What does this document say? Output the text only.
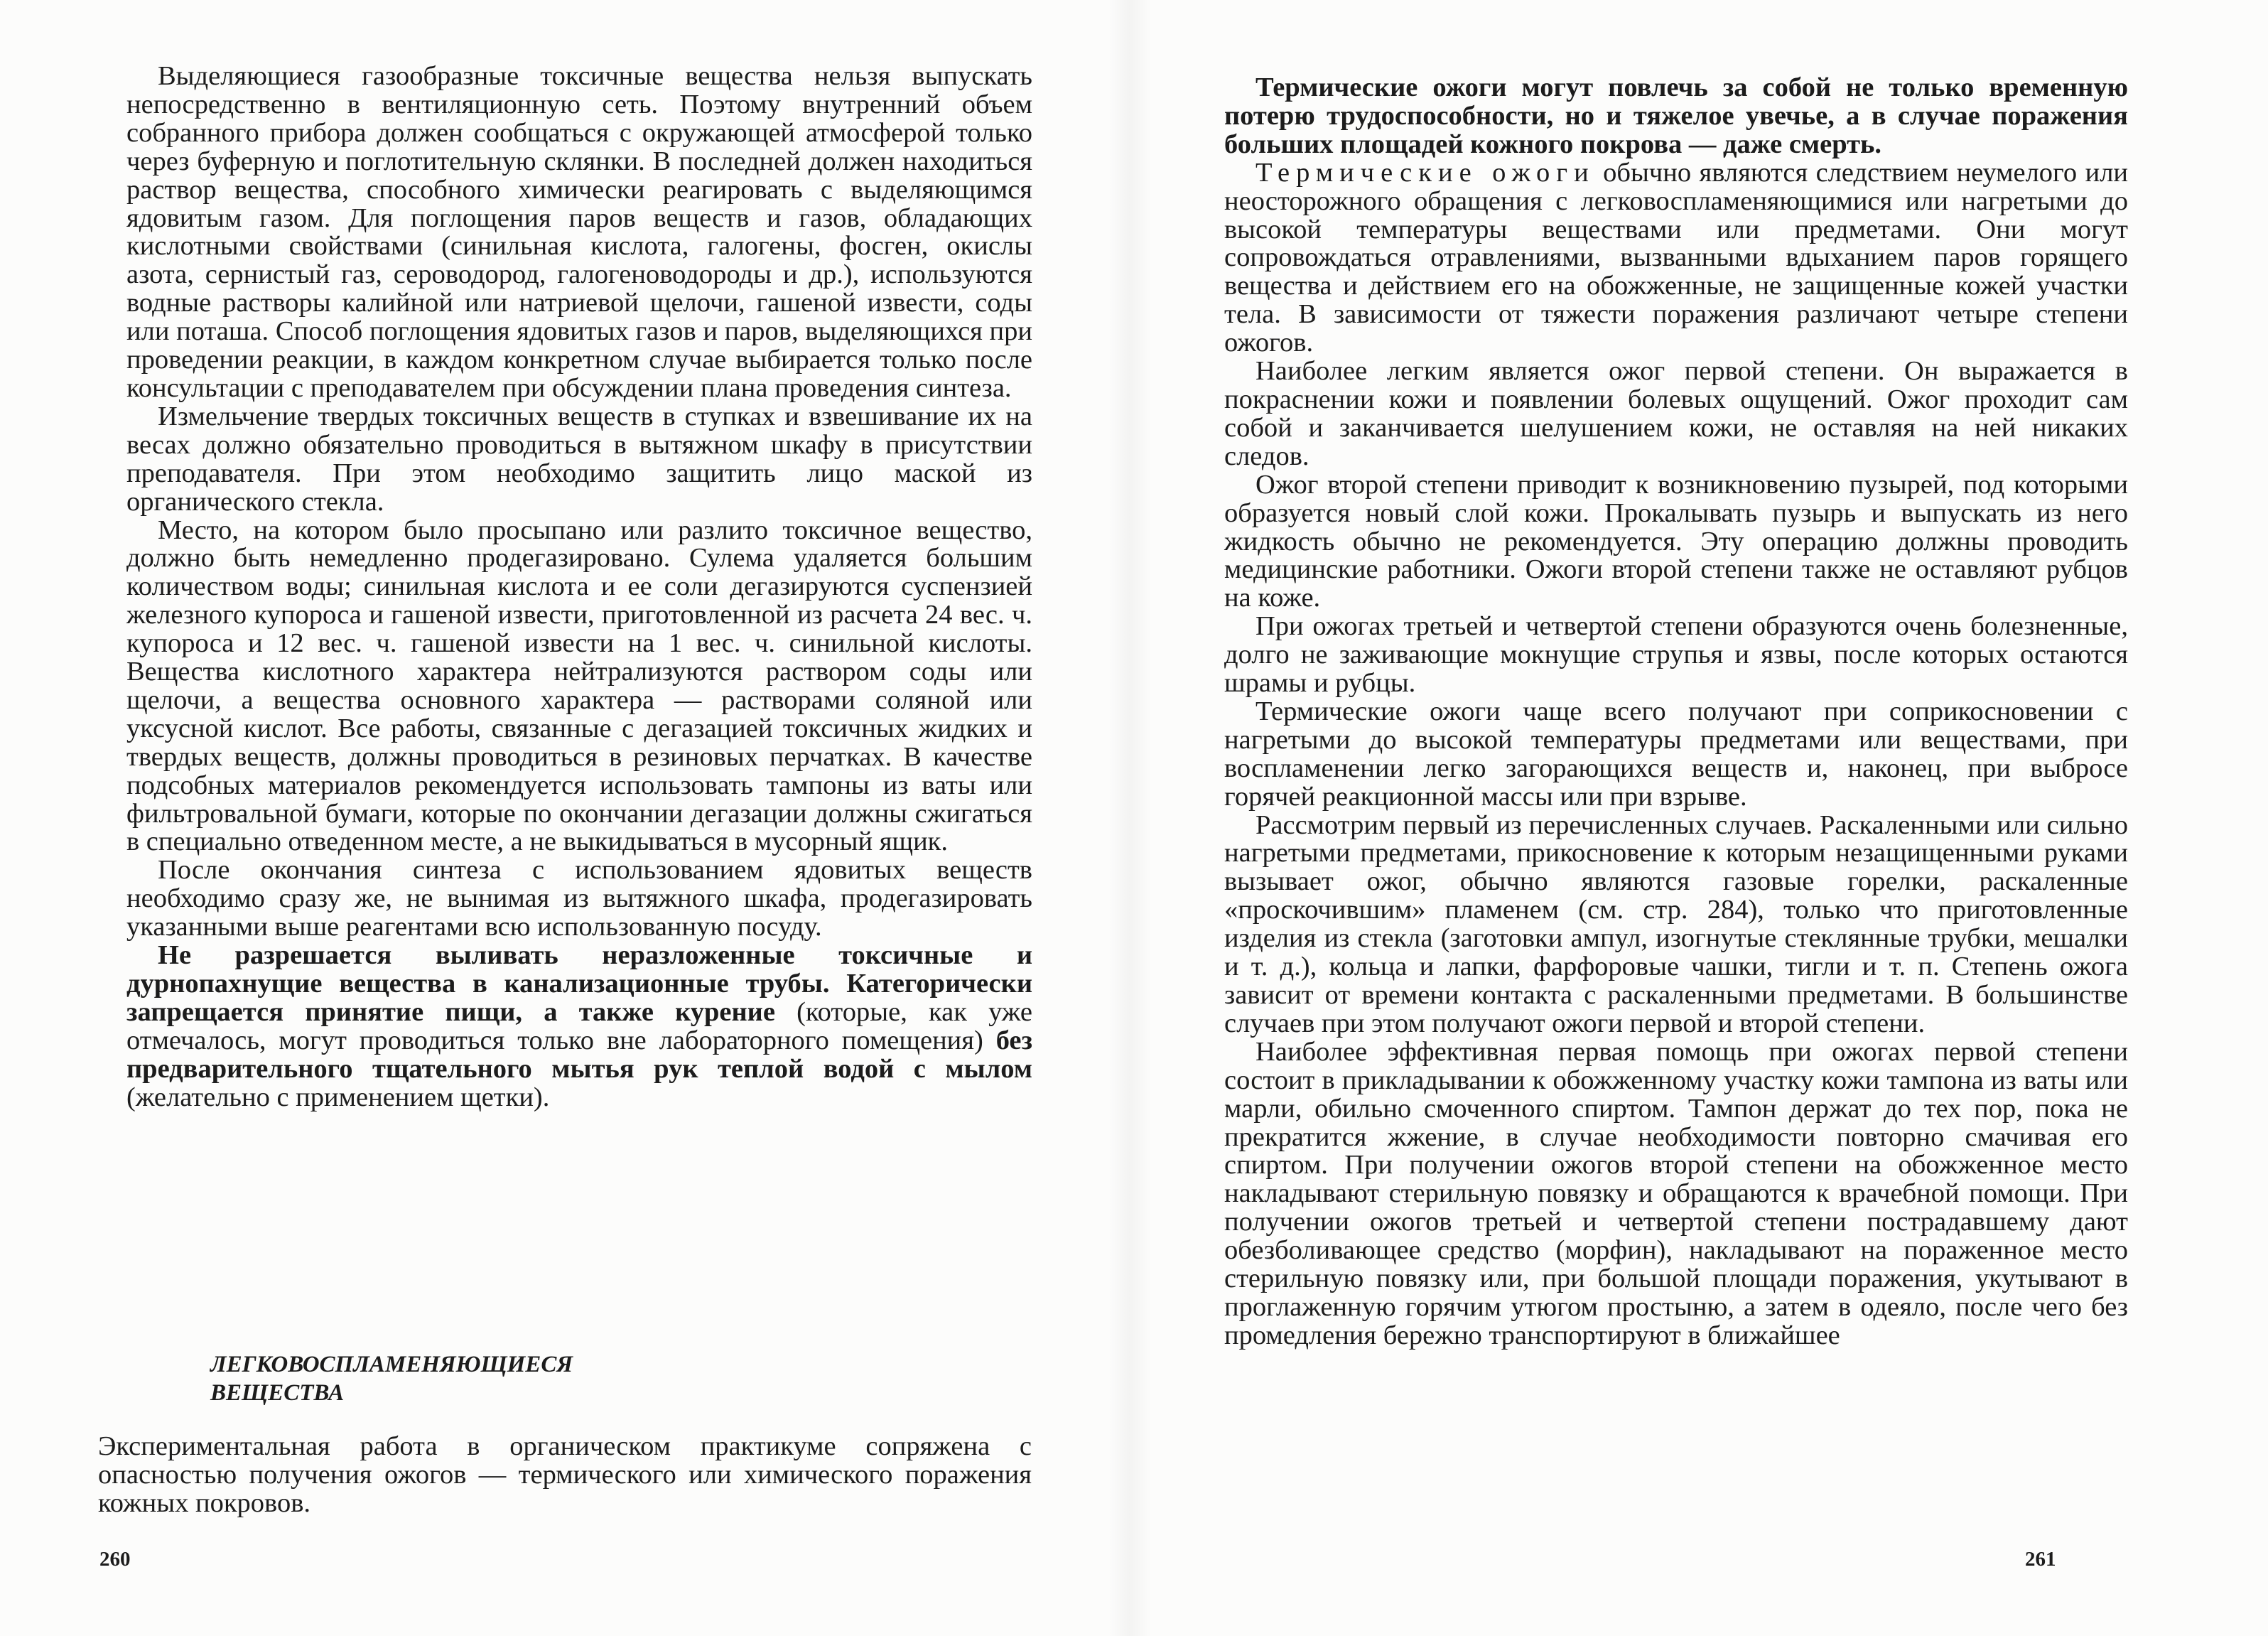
Выделяющиеся газообразные токсичные вещества нельзя выпускать непосредственно в вентиляционную сеть. Поэтому внутренний объем собранного прибора должен сообщаться с окружающей атмосферой только через буферную и поглотительную склянки. В последней должен находиться раствор вещества, способного химически реагировать с выделяющимся ядовитым газом. Для поглощения паров веществ и газов, обладающих кислотными свойствами (синильная кислота, галогены, фосген, окислы азота, сернистый газ, сероводород, галогеноводороды и др.), используются водные растворы калийной или натриевой щелочи, гашеной извести, соды или поташа. Способ поглощения ядовитых газов и паров, выделяющихся при проведении реакции, в каждом конкретном случае выбирается только после консультации с преподавателем при обсуждении плана проведения синтеза.

Измельчение твердых токсичных веществ в ступках и взвешивание их на весах должно обязательно проводиться в вытяжном шкафу в присутствии преподавателя. При этом необходимо защитить лицо маской из органического стекла.

Место, на котором было просыпано или разлито токсичное вещество, должно быть немедленно продегазировано. Сулема удаляется большим количеством воды; синильная кислота и ее соли дегазируются суспензией железного купороса и гашеной извести, приготовленной из расчета 24 вес. ч. купороса и 12 вес. ч. гашеной извести на 1 вес. ч. синильной кислоты. Вещества кислотного характера нейтрализуются раствором соды или щелочи, а вещества основного характера — растворами соляной или уксусной кислот. Все работы, связанные с дегазацией токсичных жидких и твердых веществ, должны проводиться в резиновых перчатках. В качестве подсобных материалов рекомендуется использовать тампоны из ваты или фильтровальной бумаги, которые по окончании дегазации должны сжигаться в специально отведенном месте, а не выкидываться в мусорный ящик.

После окончания синтеза с использованием ядовитых веществ необходимо сразу же, не вынимая из вытяжного шкафа, продегазировать указанными выше реагентами всю использованную посуду.

Не разрешается выливать неразложенные токсичные и дурнопахнущие вещества в канализационные трубы. Категорически запрещается принятие пищи, а также курение (которые, как уже отмечалось, могут проводиться только вне лабораторного помещения) без предварительного тщательного мытья рук теплой водой с мылом (желательно с применением щетки).

ЛЕГКОВОСПЛАМЕНЯЮЩИЕСЯ
ВЕЩЕСТВА

Экспериментальная работа в органическом практикуме сопряжена с опасностью получения ожогов — термического или химического поражения кожных покровов.

260

Термические ожоги могут повлечь за собой не только временную потерю трудоспособности, но и тяжелое увечье, а в случае поражения больших площадей кожного покрова — даже смерть.

Термические ожоги обычно являются следствием неумелого или неосторожного обращения с легковоспламеняющимися или нагретыми до высокой температуры веществами или предметами. Они могут сопровождаться отравлениями, вызванными вдыханием паров горящего вещества и действием его на обожженные, не защищенные кожей участки тела. В зависимости от тяжести поражения различают четыре степени ожогов.

Наиболее легким является ожог первой степени. Он выражается в покраснении кожи и появлении болевых ощущений. Ожог проходит сам собой и заканчивается шелушением кожи, не оставляя на ней никаких следов.

Ожог второй степени приводит к возникновению пузырей, под которыми образуется новый слой кожи. Прокалывать пузырь и выпускать из него жидкость обычно не рекомендуется. Эту операцию должны проводить медицинские работники. Ожоги второй степени также не оставляют рубцов на коже.

При ожогах третьей и четвертой степени образуются очень болезненные, долго не заживающие мокнущие струпья и язвы, после которых остаются шрамы и рубцы.

Термические ожоги чаще всего получают при соприкосновении с нагретыми до высокой температуры предметами или веществами, при воспламенении легко загорающихся веществ и, наконец, при выбросе горячей реакционной массы или при взрыве.

Рассмотрим первый из перечисленных случаев. Раскаленными или сильно нагретыми предметами, прикосновение к которым незащищенными руками вызывает ожог, обычно являются газовые горелки, раскаленные «проскочившим» пламенем (см. стр. 284), только что приготовленные изделия из стекла (заготовки ампул, изогнутые стеклянные трубки, мешалки и т. д.), кольца и лапки, фарфоровые чашки, тигли и т. п. Степень ожога зависит от времени контакта с раскаленными предметами. В большинстве случаев при этом получают ожоги первой и второй степени.

Наиболее эффективная первая помощь при ожогах первой степени состоит в прикладывании к обожженному участку кожи тампона из ваты или марли, обильно смоченного спиртом. Тампон держат до тех пор, пока не прекратится жжение, в случае необходимости повторно смачивая его спиртом. При получении ожогов второй степени на обожженное место накладывают стерильную повязку и обращаются к врачебной помощи. При получении ожогов третьей и четвертой степени пострадавшему дают обезболивающее средство (морфин), накладывают на пораженное место стерильную повязку или, при большой площади поражения, укутывают в проглаженную горячим утюгом простыню, а затем в одеяло, после чего без промедления бережно транспортируют в ближайшее

261
